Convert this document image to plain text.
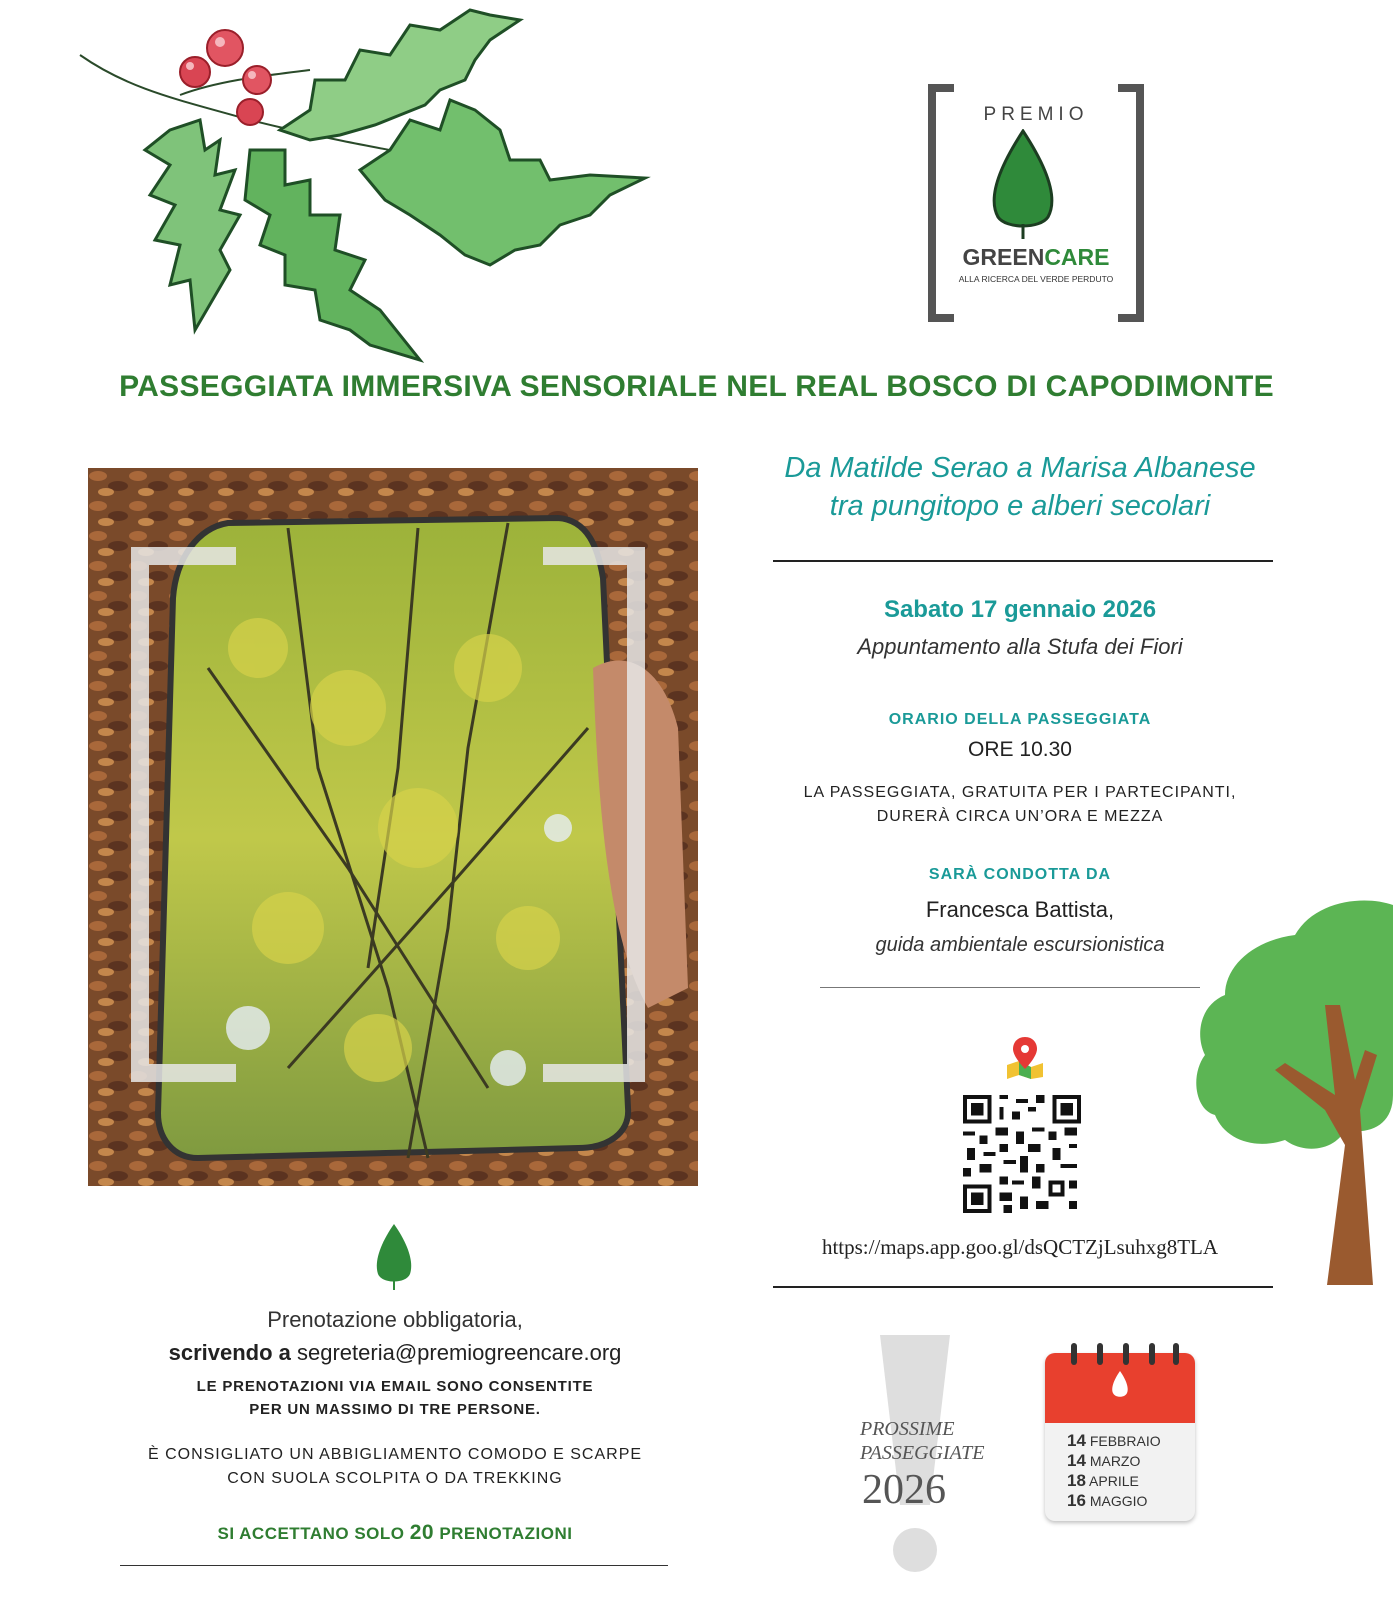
PREMIO
GREENCARE
ALLA RICERCA DEL VERDE PERDUTO
PASSEGGIATA IMMERSIVA SENSORIALE NEL REAL BOSCO DI CAPODIMONTE
Da Matilde Serao a Marisa Albanese
tra pungitopo e alberi secolari
Sabato 17 gennaio 2026
Appuntamento alla Stufa dei Fiori
ORARIO DELLA PASSEGGIATA
ORE 10.30
LA PASSEGGIATA, GRATUITA PER I PARTECIPANTI,
DURERÀ CIRCA UN’ORA E MEZZA
SARÀ CONDOTTA DA
Francesca Battista,
guida ambientale escursionistica
https://maps.app.goo.gl/dsQCTZjLsuhxg8TLA
Prenotazione obbligatoria,
scrivendo a segreteria@premiogreencare.org
LE PRENOTAZIONI VIA EMAIL SONO CONSENTITE
PER UN MASSIMO DI TRE PERSONE.
È CONSIGLIATO UN ABBIGLIAMENTO COMODO E SCARPE
CON SUOLA SCOLPITA O DA TREKKING
SI ACCETTANO SOLO 20 PRENOTAZIONI
PROSSIME
PASSEGGIATE
2026
14 FEBBRAIO
14 MARZO
18 APRILE
16 MAGGIO
